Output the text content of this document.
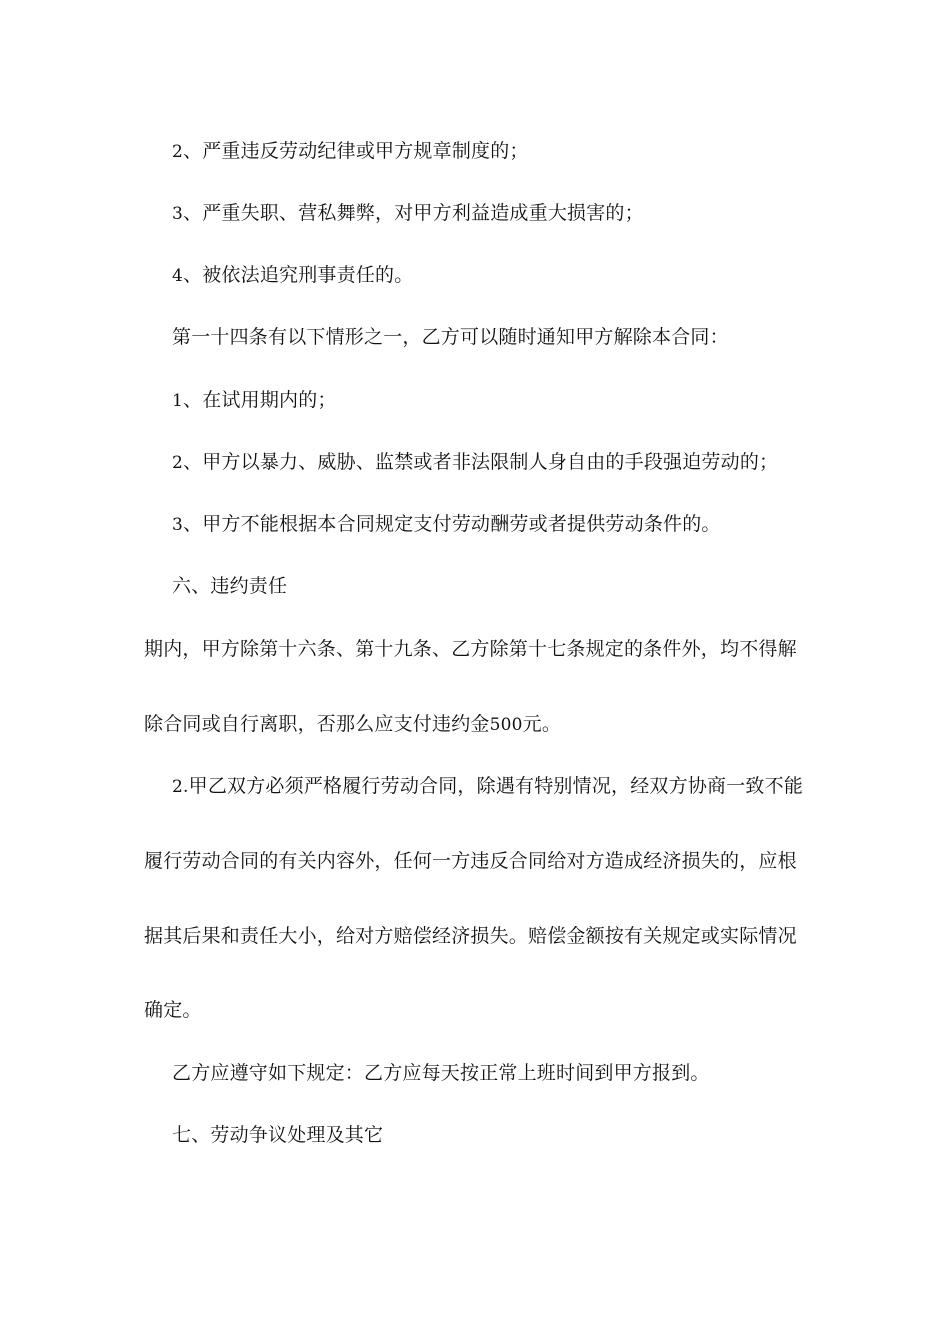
2、严重违反劳动纪律或甲方规章制度的；
3、严重失职、营私舞弊，对甲方利益造成重大损害的；
4、被依法追究刑事责任的。
第一十四条有以下情形之一，乙方可以随时通知甲方解除本合同：
1、在试用期内的；
2、甲方以暴力、威胁、监禁或者非法限制人身自由的手段强迫劳动的；
3、甲方不能根据本合同规定支付劳动酬劳或者提供劳动条件的。
六、违约责任
期内，甲方除第十六条、第十九条、乙方除第十七条规定的条件外，均不得解
除合同或自行离职，否那么应支付违约金500元。
2.甲乙双方必须严格履行劳动合同，除遇有特别情况，经双方协商一致不能
履行劳动合同的有关内容外，任何一方违反合同给对方造成经济损失的，应根
据其后果和责任大小，给对方赔偿经济损失。赔偿金额按有关规定或实际情况
确定。
乙方应遵守如下规定：乙方应每天按正常上班时间到甲方报到。
七、劳动争议处理及其它
